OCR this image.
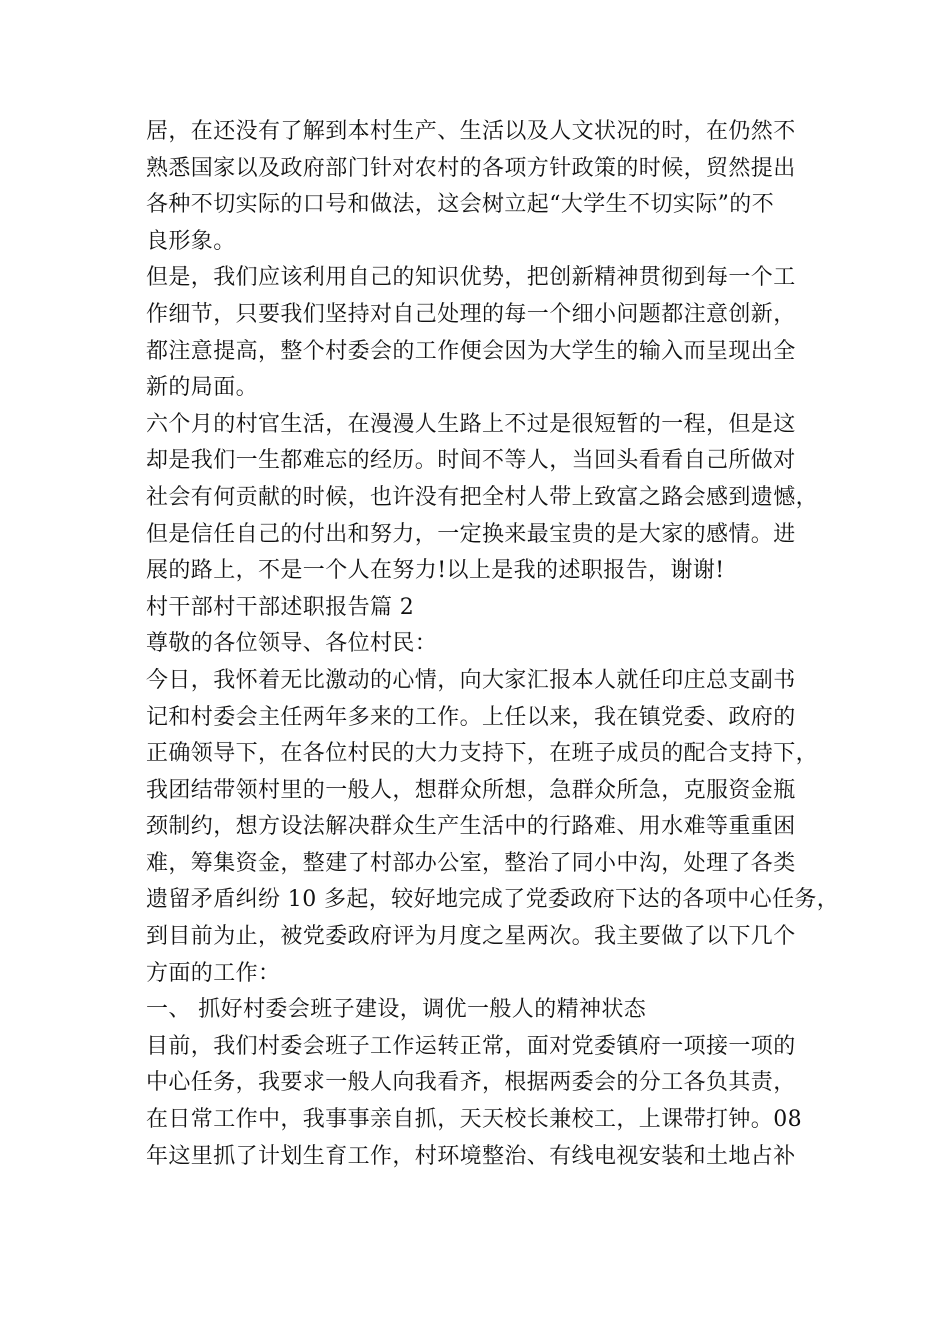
居，在还没有了解到本村生产、生活以及人文状况的时，在仍然不
熟悉国家以及政府部门针对农村的各项方针政策的时候，贸然提出
各种不切实际的口号和做法，这会树立起“大学生不切实际”的不
良形象。
但是，我们应该利用自己的知识优势，把创新精神贯彻到每一个工
作细节，只要我们坚持对自己处理的每一个细小问题都注意创新，
都注意提高，整个村委会的工作便会因为大学生的输入而呈现出全
新的局面。
六个月的村官生活，在漫漫人生路上不过是很短暂的一程，但是这
却是我们一生都难忘的经历。时间不等人，当回头看看自己所做对
社会有何贡献的时候，也许没有把全村人带上致富之路会感到遗憾，
但是信任自己的付出和努力，一定换来最宝贵的是大家的感情。进
展的路上，不是一个人在努力!以上是我的述职报告，谢谢!
村干部村干部述职报告篇 2
尊敬的各位领导、各位村民：
今日，我怀着无比激动的心情，向大家汇报本人就任印庄总支副书
记和村委会主任两年多来的工作。上任以来，我在镇党委、政府的
正确领导下，在各位村民的大力支持下，在班子成员的配合支持下，
我团结带领村里的一般人，想群众所想，急群众所急，克服资金瓶
颈制约，想方设法解决群众生产生活中的行路难、用水难等重重困
难，筹集资金，整建了村部办公室，整治了同小中沟，处理了各类
遗留矛盾纠纷 10 多起，较好地完成了党委政府下达的各项中心任务，
到目前为止，被党委政府评为月度之星两次。我主要做了以下几个
方面的工作：
一、 抓好村委会班子建设，调优一般人的精神状态
目前，我们村委会班子工作运转正常，面对党委镇府一项接一项的
中心任务，我要求一般人向我看齐，根据两委会的分工各负其责，
在日常工作中，我事事亲自抓，天天校长兼校工，上课带打钟。08
年这里抓了计划生育工作，村环境整治、有线电视安装和土地占补
